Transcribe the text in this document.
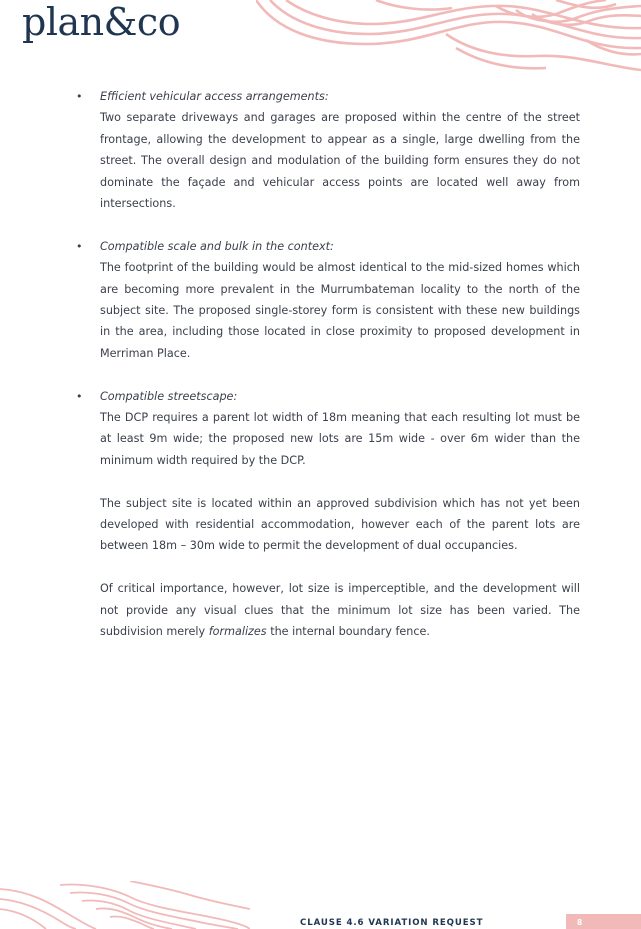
plan&co
• Efficient vehicular access arrangements:

Two separate driveways and garages are proposed within the centre of the street frontage, allowing the development to appear as a single, large dwelling from the street. The overall design and modulation of the building form ensures they do not dominate the façade and vehicular access points are located well away from intersections.

• Compatible scale and bulk in the context:

The footprint of the building would be almost identical to the mid-sized homes which are becoming more prevalent in the Murrumbateman locality to the north of the subject site. The proposed single-storey form is consistent with these new buildings in the area, including those located in close proximity to proposed development in Merriman Place.

• Compatible streetscape:

The DCP requires a parent lot width of 18m meaning that each resulting lot must be at least 9m wide; the proposed new lots are 15m wide - over 6m wider than the minimum width required by the DCP.

The subject site is located within an approved subdivision which has not yet been developed with residential accommodation, however each of the parent lots are between 18m – 30m wide to permit the development of dual occupancies.

Of critical importance, however, lot size is imperceptible, and the development will not provide any visual clues that the minimum lot size has been varied. The subdivision merely formalizes the internal boundary fence.

CLAUSE 4.6 VARIATION REQUEST	8
